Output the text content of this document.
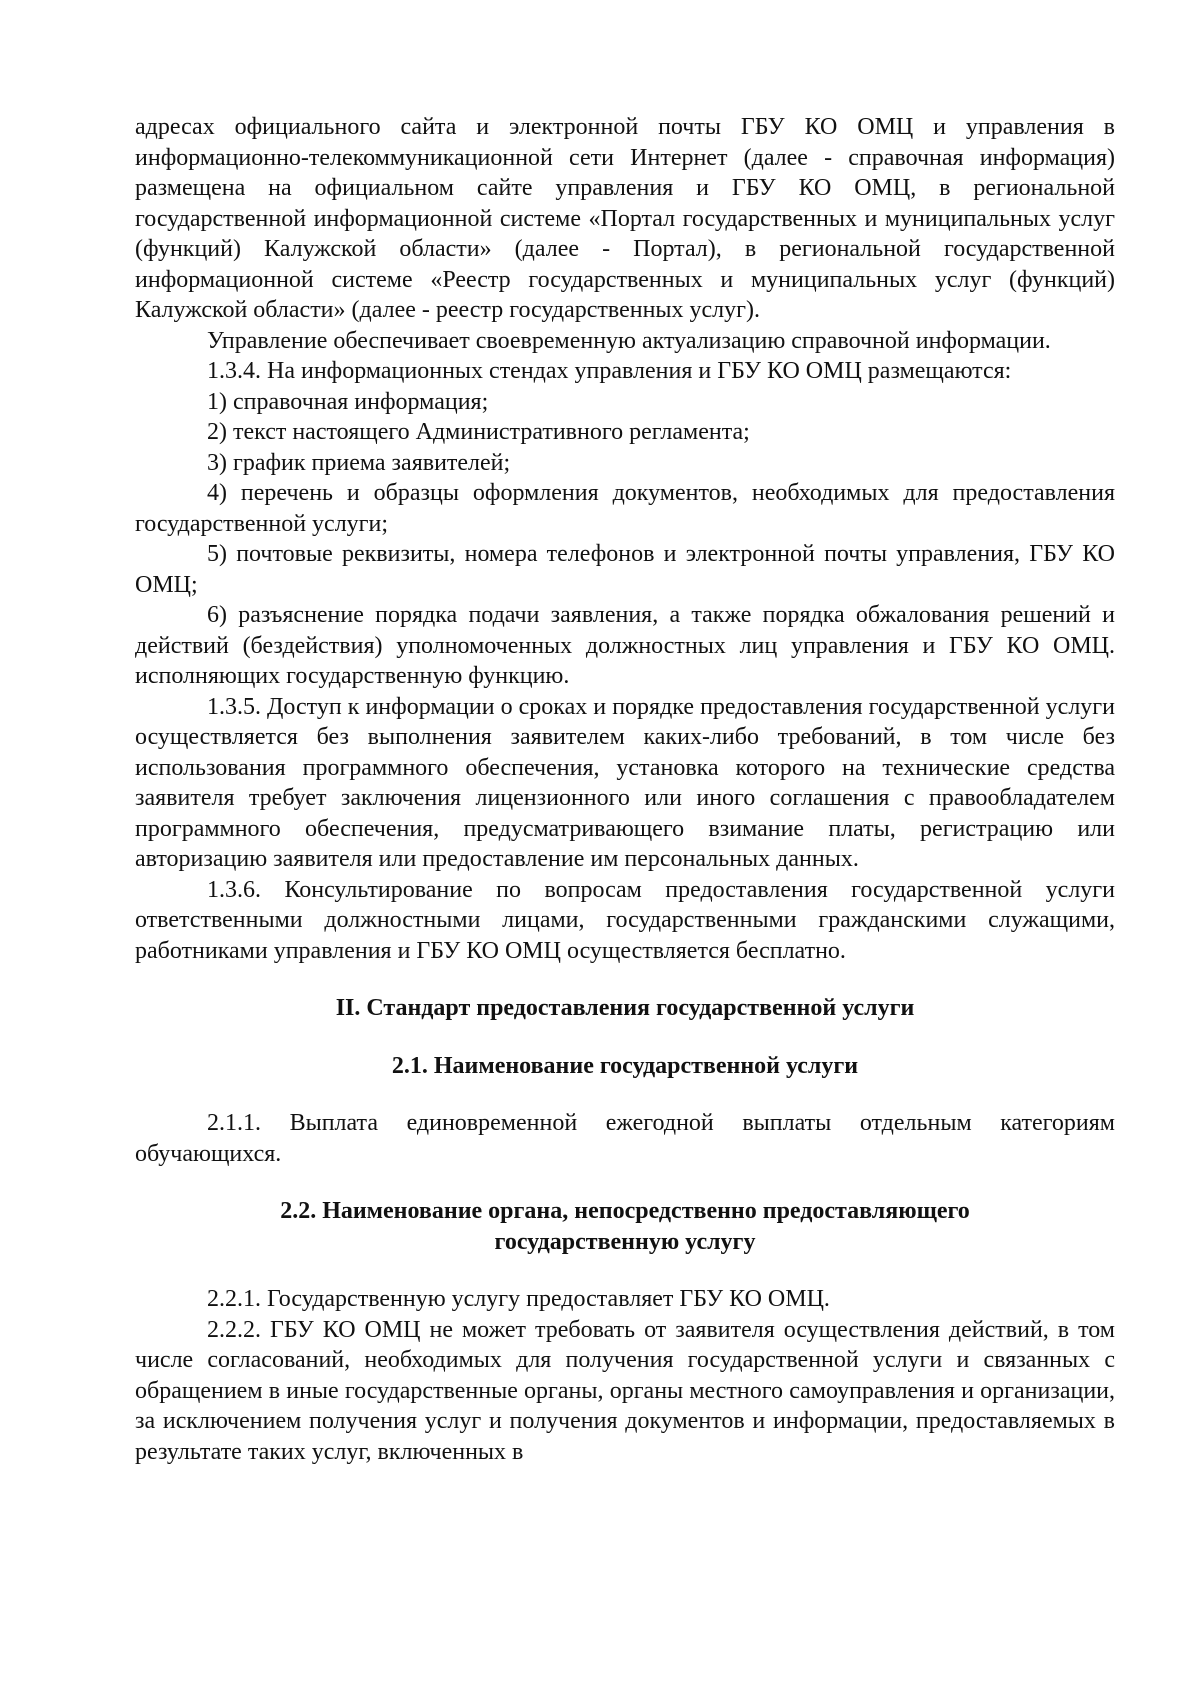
адресах официального сайта и электронной почты ГБУ КО ОМЦ и управления в информационно-телекоммуникационной сети Интернет (далее - справочная информация) размещена на официальном сайте управления и ГБУ КО ОМЦ, в региональной государственной информационной системе «Портал государственных и муниципальных услуг (функций) Калужской области» (далее - Портал), в региональной государственной информационной системе «Реестр государственных и муниципальных услуг (функций) Калужской области» (далее - реестр государственных услуг).

Управление обеспечивает своевременную актуализацию справочной информации.

1.3.4. На информационных стендах управления и ГБУ КО ОМЦ размещаются:

1) справочная информация;

2) текст настоящего Административного регламента;

3) график приема заявителей;

4) перечень и образцы оформления документов, необходимых для предоставления государственной услуги;

5) почтовые реквизиты, номера телефонов и электронной почты управления, ГБУ КО ОМЦ;

6) разъяснение порядка подачи заявления, а также порядка обжалования решений и действий (бездействия) уполномоченных должностных лиц управления и ГБУ КО ОМЦ. исполняющих государственную функцию.

1.3.5. Доступ к информации о сроках и порядке предоставления государственной услуги осуществляется без выполнения заявителем каких-либо требований, в том числе без использования программного обеспечения, установка которого на технические средства заявителя требует заключения лицензионного или иного соглашения с правообладателем программного обеспечения, предусматривающего взимание платы, регистрацию или авторизацию заявителя или предоставление им персональных данных.

1.3.6. Консультирование по вопросам предоставления государственной услуги ответственными должностными лицами, государственными гражданскими служащими, работниками управления и ГБУ КО ОМЦ осуществляется бесплатно.

II. Стандарт предоставления государственной услуги

2.1. Наименование государственной услуги

2.1.1. Выплата единовременной ежегодной выплаты отдельным категориям обучающихся.

2.2. Наименование органа, непосредственно предоставляющего

государственную услугу

2.2.1. Государственную услугу предоставляет ГБУ КО ОМЦ.

2.2.2. ГБУ КО ОМЦ не может требовать от заявителя осуществления действий, в том числе согласований, необходимых для получения государственной услуги и связанных с обращением в иные государственные органы, органы местного самоуправления и организации, за исключением получения услуг и получения документов и информации, предоставляемых в результате таких услуг, включенных в
